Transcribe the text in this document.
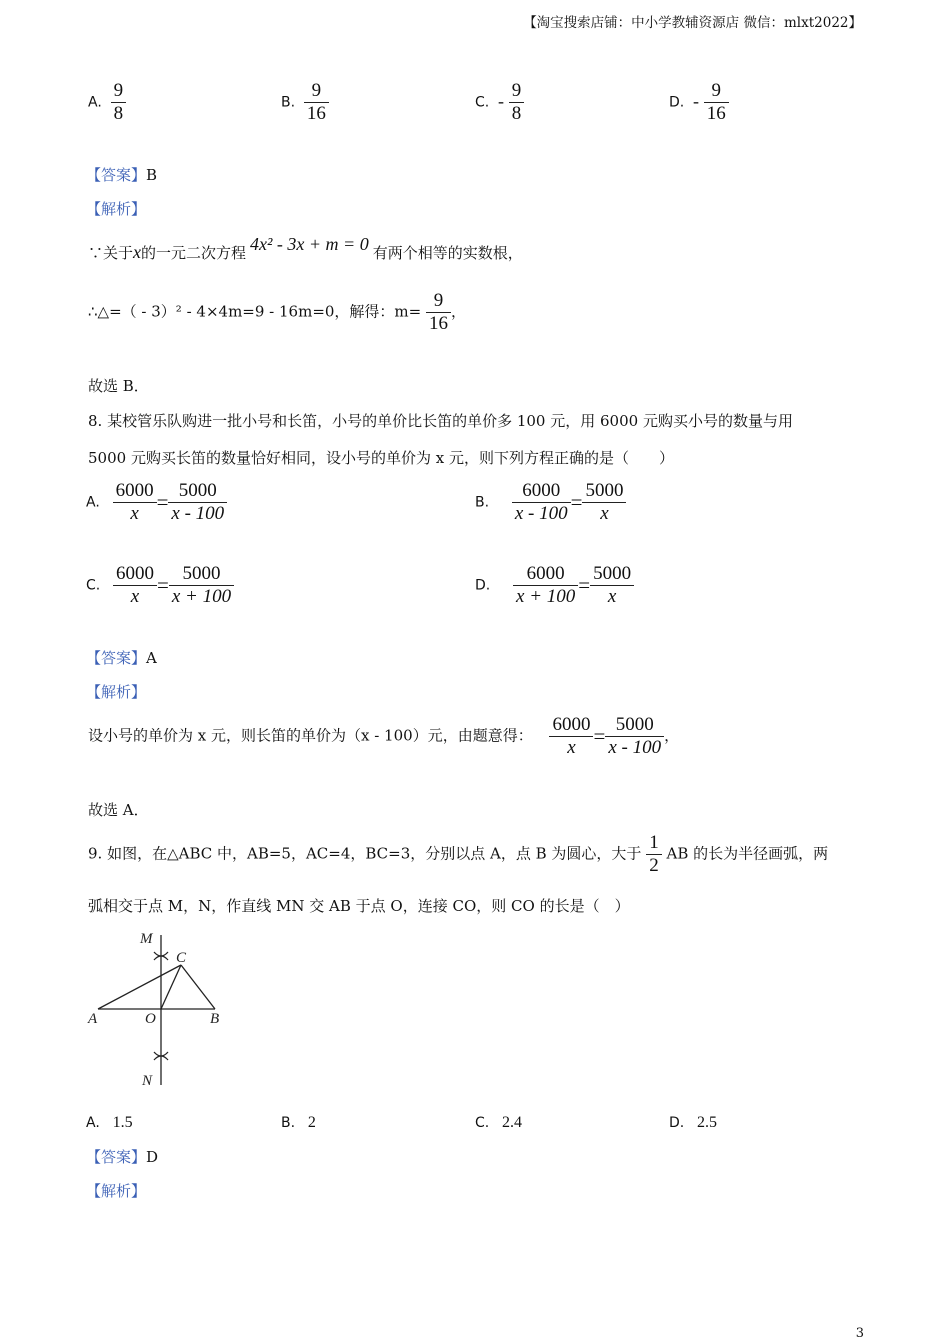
【淘宝搜索店铺：中小学教辅资源店 微信：mlxt2022】
A. $\frac{9}{8}$	B. $\frac{9}{16}$	C. - $\frac{9}{8}$	D. - $\frac{9}{16}$
【答案】B
【解析】
∵关于x的一元二次方程 4x² - 3x + m = 0 有两个相等的实数根，
∴△=（ - 3）² - 4×4m=9 - 16m=0，解得：$m= \frac{9}{16}$ ，
故选 B．
8. 某校管乐队购进一批小号和长笛，小号的单价比长笛的单价多 100 元，用 6000 元购买小号的数量与用
5000 元购买长笛的数量恰好相同，设小号的单价为 x 元，则下列方程正确的是（　　）
A. $\frac{6000}{x} = \frac{5000}{x - 100}$	B. $\frac{6000}{x - 100} = \frac{5000}{x}$
C. $\frac{6000}{x} = \frac{5000}{x + 100}$	D. $\frac{6000}{x + 100} = \frac{5000}{x}$
【答案】A
【解析】
设小号的单价为 x 元，则长笛的单价为（x - 100）元，由题意得： $\frac{6000}{x} = \frac{5000}{x - 100}$ ，
故选 A．
9. 如图，在△ABC 中，AB=5，AC=4，BC=3，分别以点 A，点 B 为圆心，大于 $\frac{1}{2}$ AB 的长为半径画弧，两
弧相交于点 M，N，作直线 MN 交 AB 于点 O，连接 CO，则 CO 的长是（　）
M
C
A	O	B
N
A. 1.5	B. 2	C. 2.4	D. 2.5
【答案】D
【解析】
3
